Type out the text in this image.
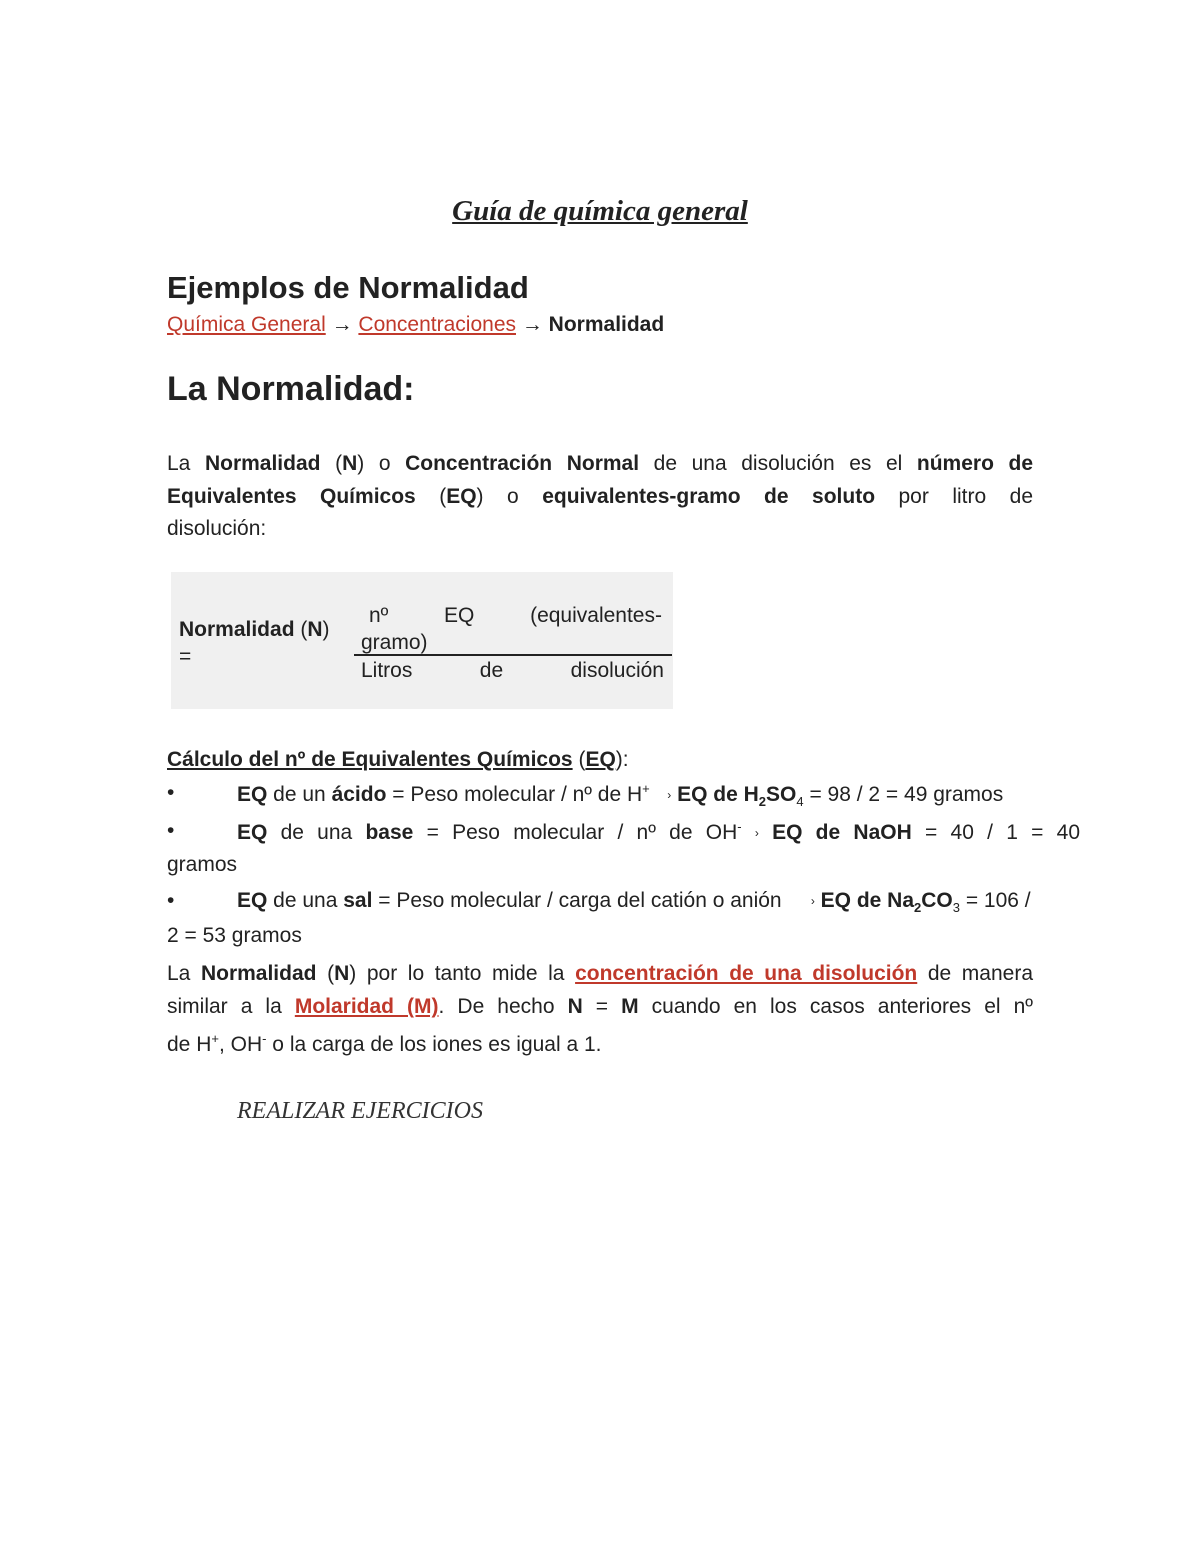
Guía de química general
Ejemplos de Normalidad
Química General → Concentraciones → Normalidad
La Normalidad:
La Normalidad (N) o Concentración Normal de una disolución es el número de
Equivalentes Químicos (EQ) o equivalentes-gramo de soluto por litro de
disolución:
Normalidad (N)
=
nº	EQ	(equivalentes-
gramo)
Litros	de	disolución
Cálculo del nº de Equivalentes Químicos (EQ):
•	EQ de un ácido = Peso molecular / nº de H+ › EQ de $H_2SO_4 = 98 / 2 = 49$ gramos
•	EQ de una base = Peso molecular / nº de OH- › EQ de NaOH = 40 / 1 = 40
gramos
•	EQ de una sal = Peso molecular / carga del catión o anión › EQ de $Na_2CO_3 = 106$ /
2 = 53 gramos
La Normalidad (N) por lo tanto mide la concentración de una disolución de manera
similar a la Molaridad (M). De hecho N = M cuando en los casos anteriores el nº
de H+, OH- o la carga de los iones es igual a 1.
REALIZAR EJERCICIOS
